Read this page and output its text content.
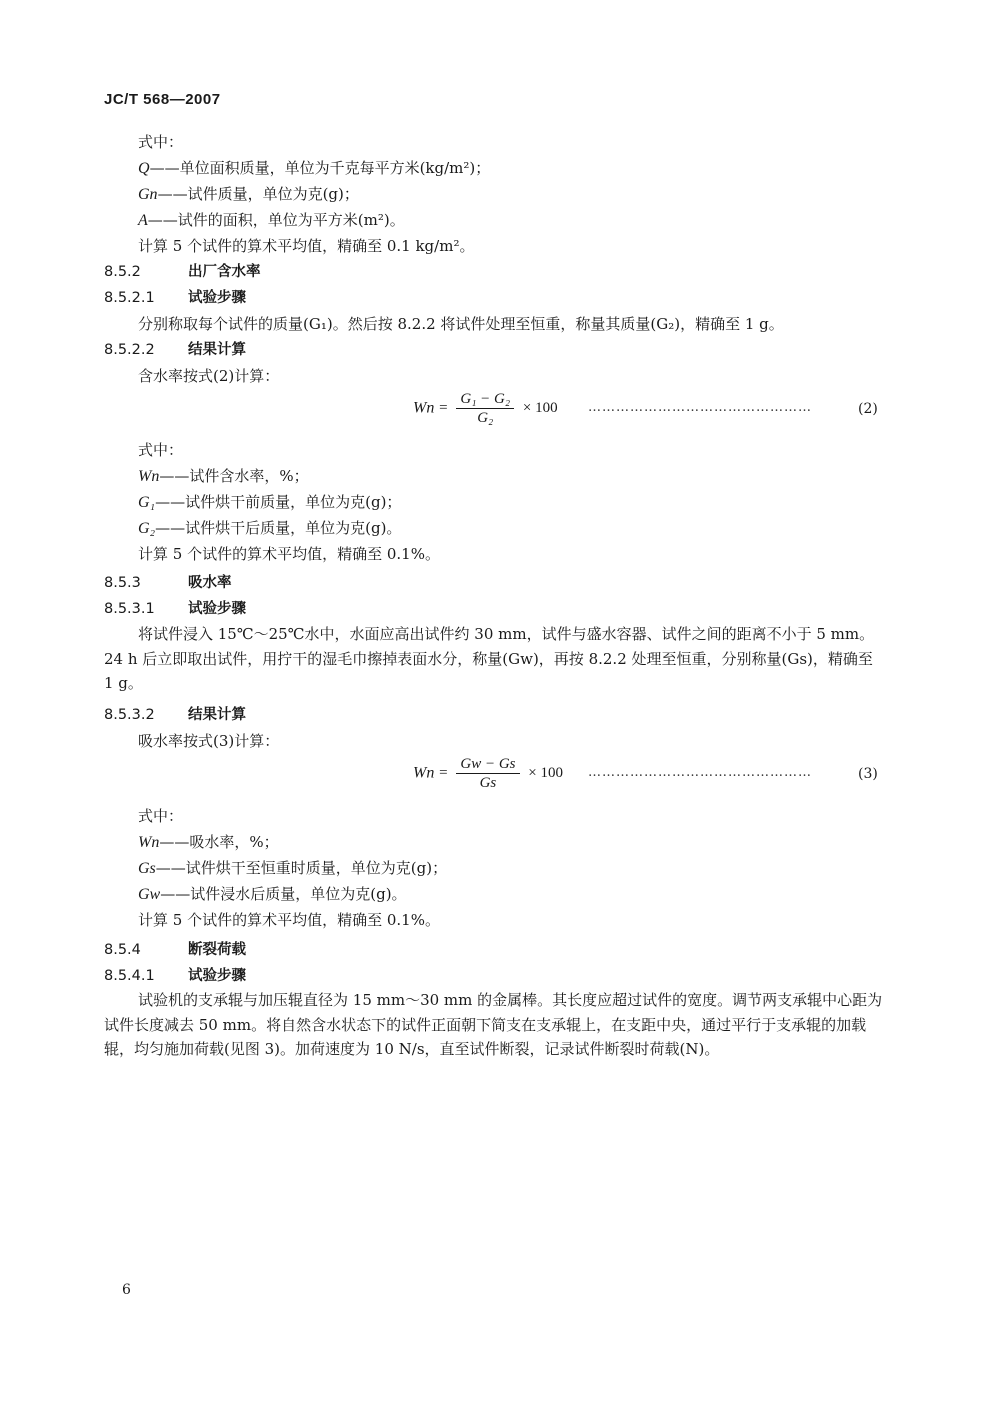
JC/T 568—2007
式中：
Q——单位面积质量，单位为千克每平方米(kg/m²)；
Gn——试件质量，单位为克(g)；
A——试件的面积，单位为平方米(m²)。
计算 5 个试件的算术平均值，精确至 0.1 kg/m²。
8.5.2	出厂含水率
8.5.2.1 试验步骤
分别称取每个试件的质量(G₁)。然后按 8.2.2 将试件处理至恒重，称量其质量(G₂)，精确至 1 g。
8.5.2.2 结果计算
含水率按式(2)计算：
$Wn = \frac{\text{G₁ − G₂}}{\text{G₂}} \times 100$ …………………………………………	(2)
式中：
Wn——试件含水率，%；
G₁——试件烘干前质量，单位为克(g)；
G₂——试件烘干后质量，单位为克(g)。
计算 5 个试件的算术平均值，精确至 0.1%。
8.5.3	吸水率
8.5.3.1 试验步骤
将试件浸入 15℃～25℃水中，水面应高出试件约 30 mm，试件与盛水容器、试件之间的距离不小于 5 mm。24 h 后立即取出试件，用拧干的湿毛巾擦掉表面水分，称量(Gw)，再按 8.2.2 处理至恒重，分别称量(Gs)，精确至 1 g。
8.5.3.2 结果计算
吸水率按式(3)计算：
$Wn = \frac{Gw - Gs}{Gs} \times 100$ …………………………………………	(3)
式中：
Wn——吸水率，%；
Gs——试件烘干至恒重时质量，单位为克(g)；
Gw——试件浸水后质量，单位为克(g)。
计算 5 个试件的算术平均值，精确至 0.1%。
8.5.4	断裂荷载
8.5.4.1 试验步骤
试验机的支承辊与加压辊直径为 15 mm～30 mm 的金属棒。其长度应超过试件的宽度。调节两支承辊中心距为试件长度减去 50 mm。将自然含水状态下的试件正面朝下简支在支承辊上，在支距中央，通过平行于支承辊的加载辊，均匀施加荷载(见图 3)。加荷速度为 10 N/s，直至试件断裂，记录试件断裂时荷载(N)。
6
